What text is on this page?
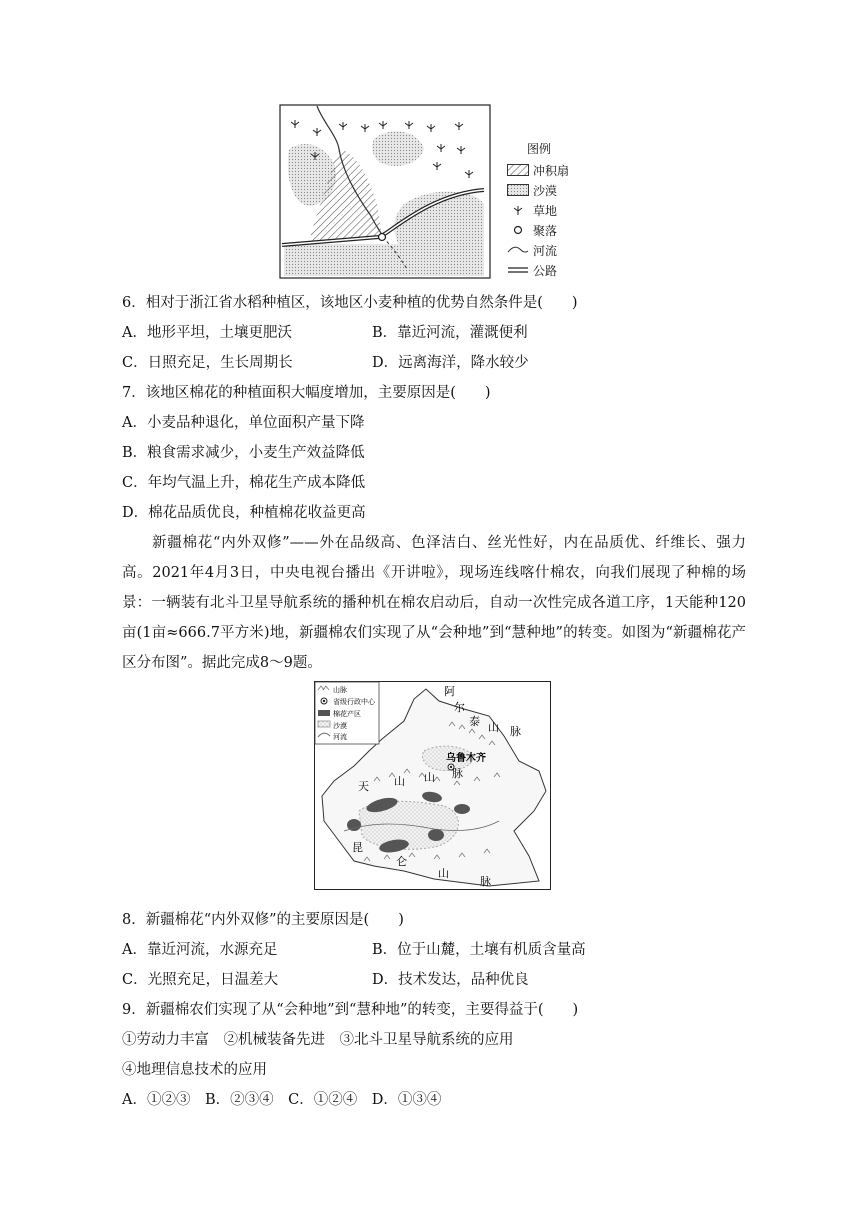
图例
冲积扇
沙漠
草地
聚落
河流
公路
6．相对于浙江省水稻种植区，该地区小麦种植的优势自然条件是(　　)
A．地形平坦，土壤更肥沃	B．靠近河流，灌溉便利
C．日照充足，生长周期长	D．远离海洋，降水较少
7．该地区棉花的种植面积大幅度增加，主要原因是(　　)
A．小麦品种退化，单位面积产量下降
B．粮食需求减少，小麦生产效益降低
C．年均气温上升，棉花生产成本降低
D．棉花品质优良，种植棉花收益更高
新疆棉花“内外双修”——外在品级高、色泽洁白、丝光性好，内在品质优、纤维长、强力高。2021年4月3日，中央电视台播出《开讲啦》，现场连线喀什棉农，向我们展现了种棉的场景：一辆装有北斗卫星导航系统的播种机在棉农启动后，自动一次性完成各道工序，1天能种120亩(1亩≈666.7平方米)地，新疆棉农们实现了从“会种地”到“慧种地”的转变。如图为“新疆棉花产区分布图”。据此完成8～9题。
山脉
省级行政中心
棉花产区
沙漠
河流
阿
尔
泰 山 脉
乌鲁木齐
天 山 山 脉
昆
仑
山
脉
8．新疆棉花“内外双修”的主要原因是(　　)
A．靠近河流，水源充足	B．位于山麓，土壤有机质含量高
C．光照充足，日温差大	D．技术发达，品种优良
9．新疆棉农们实现了从“会种地”到“慧种地”的转变，主要得益于(　　)
①劳动力丰富　②机械装备先进　③北斗卫星导航系统的应用
④地理信息技术的应用
A．①②③　B．②③④　C．①②④　D．①③④
